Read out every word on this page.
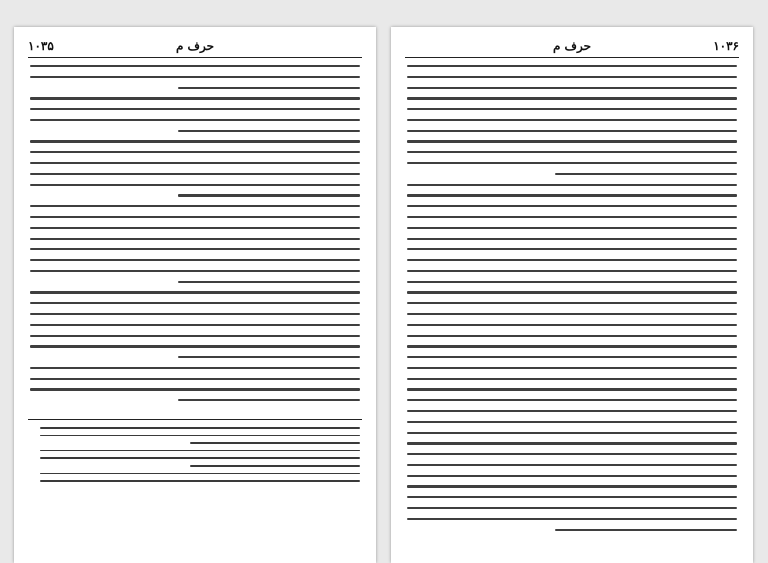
۱۰۳۵	حرف م	۱۰۳۶
حرف م
